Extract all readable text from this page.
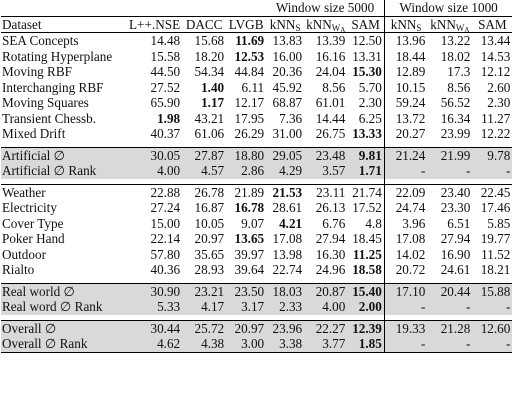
				Window size 5000			Window size 1000		
Dataset	L++.NSE	DACC	LVGB	kNN$_S$	kNN$_{W_A}$	SAM	kNN$_S$	kNN$_{W_A}$	SAM
SEA Concepts	14.48	15.68	11.69	13.83	13.39	12.50	13.96	13.22	13.44
Rotating Hyperplane	15.58	18.20	12.53	16.00	16.16	13.31	18.44	18.02	14.53
Moving RBF	44.50	54.34	44.84	20.36	24.04	15.30	12.89	17.3	12.12
Interchanging RBF	27.52	1.40	6.11	45.92	8.56	5.70	10.15	8.56	2.60
Moving Squares	65.90	1.17	12.17	68.87	61.01	2.30	59.24	56.52	2.30
Transient Chessb.	1.98	43.21	17.95	7.36	14.44	6.25	13.72	16.34	11.27
Mixed Drift	40.37	61.06	26.29	31.00	26.75	13.33	20.27	23.99	12.22

Artificial ∅	30.05	27.87	18.80	29.05	23.48	9.81	21.24	21.99	9.78
Artificial ∅ Rank	4.00	4.57	2.86	4.29	3.57	1.71	-	-	-

Weather	22.88	26.78	21.89	21.53	23.11	21.74	22.09	23.40	22.45
Electricity	27.24	16.87	16.78	28.61	26.13	17.52	24.74	23.30	17.46
Cover Type	15.00	10.05	9.07	4.21	6.76	4.8	3.96	6.51	5.85
Poker Hand	22.14	20.97	13.65	17.08	27.94	18.45	17.08	27.94	19.77
Outdoor	57.80	35.65	39.97	13.98	16.30	11.25	14.02	16.90	11.52
Rialto	40.36	28.93	39.64	22.74	24.96	18.58	20.72	24.61	18.21

Real world ∅	30.90	23.21	23.50	18.03	20.87	15.40	17.10	20.44	15.88
Real word ∅ Rank	5.33	4.17	3.17	2.33	4.00	2.00	-	-	-

Overall ∅	30.44	25.72	20.97	23.96	22.27	12.39	19.33	21.28	12.60
Overall ∅ Rank	4.62	4.38	3.00	3.38	3.77	1.85	-	-	-
